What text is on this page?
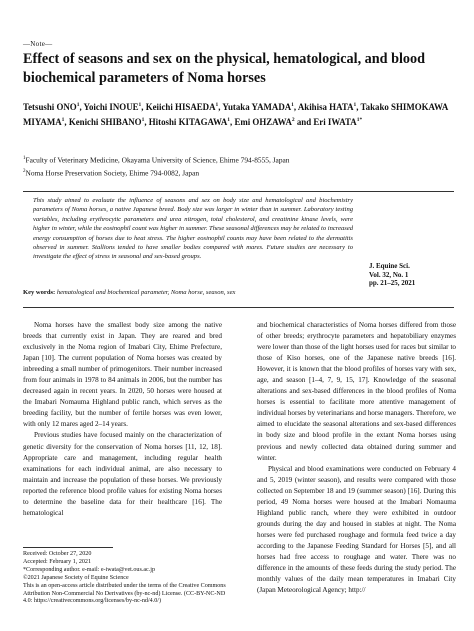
—Note—
Effect of seasons and sex on the physical, hematological, and blood biochemical parameters of Noma horses
Tetsushi ONO$^1$, Yoichi INOUE$^1$, Keiichi HISAEDA$^1$, Yutaka YAMADA$^1$, Akihisa HATA$^1$, Takako SHIMOKAWA MIYAMA$^1$, Kenichi SHIBANO$^1$, Hitoshi KITAGAWA$^1$, Emi OHZAWA$^2$ and Eri $IWATA^{1*}$
$^1$Faculty of Veterinary Medicine, Okayama University of Science, Ehime 794-8555, Japan
$^2$Noma Horse Preservation Society, Ehime 794-0082, Japan
This study aimed to evaluate the influence of seasons and sex on body size and hematological and biochemistry parameters of Noma horses, a native Japanese breed. Body size was larger in winter than in summer. Laboratory testing variables, including erythrocytic parameters and urea nitrogen, total cholesterol, and creatinine kinase levels, were higher in winter, while the eosinophil count was higher in summer. These seasonal differences may be related to increased energy consumption of horses due to heat stress. The higher eosinophil counts may have been related to the dermatitis observed in summer. Stallions tended to have smaller bodies compared with mares. Future studies are necessary to investigate the effect of stress in seasonal and sex-based groups.
Key words: hematological and biochemical parameter, Noma horse, season, sex
J. Equine Sci.
Vol. 32, No. 1
pp. 21–25, 2021

Noma horses have the smallest body size among the native breeds that currently exist in Japan. They are reared and bred exclusively in the Noma region of Imabari City, Ehime Prefecture, Japan [10]. The current population of Noma horses was created by inbreeding a small number of primogenitors. Their number increased from four animals in 1978 to 84 animals in 2006, but the number has decreased again in recent years. In 2020, 50 horses were housed at the Imabari Nomauma Highland public ranch, which serves as the breeding facility, but the number of fertile horses was even lower, with only 12 mares aged 2–14 years.

Previous studies have focused mainly on the characterization of genetic diversity for the conservation of Noma horses [11, 12, 18]. Appropriate care and management, including regular health examinations for each individual animal, are also necessary to maintain and increase the population of these horses. We previously reported the reference blood profile values for existing Noma horses to determine the baseline data for their healthcare [16]. The hematological

and biochemical characteristics of Noma horses differed from those of other breeds; erythrocyte parameters and hepatobiliary enzymes were lower than those of the light horses used for races but similar to those of Kiso horses, one of the Japanese native breeds [16]. However, it is known that the blood profiles of horses vary with sex, age, and season [1–4, 7, 9, 15, 17]. Knowledge of the seasonal alterations and sex-based differences in the blood profiles of Noma horses is essential to facilitate more attentive management of individual horses by veterinarians and horse managers. Therefore, we aimed to elucidate the seasonal alterations and sex-based differences in body size and blood profile in the extant Noma horses using previous and newly collected data obtained during summer and winter.

Physical and blood examinations were conducted on February 4 and 5, 2019 (winter season), and results were compared with those collected on September 18 and 19 (summer season) [16]. During this period, 49 Noma horses were housed at the Imabari Nomauma Highland public ranch, where they were exhibited in outdoor grounds during the day and housed in stables at night. The Noma horses were fed purchased roughage and formula feed twice a day according to the Japanese Feeding Standard for Horses [5], and all horses had free access to roughage and water. There was no difference in the amounts of these feeds during the study period. The monthly values of the daily mean temperatures in Imabari City (Japan Meteorological Agency; http://

Received: October 27, 2020
Accepted: February 1, 2021
*Corresponding author. e-mail: e-iwata@vet.ous.ac.jp
©2021 Japanese Society of Equine Science
This is an open-access article distributed under the terms of the Creative Commons Attribution Non-Commercial No Derivatives (by-nc-nd) License. (CC-BY-NC-ND 4.0: https://creativecommons.org/licenses/by-nc-nd/4.0/)
